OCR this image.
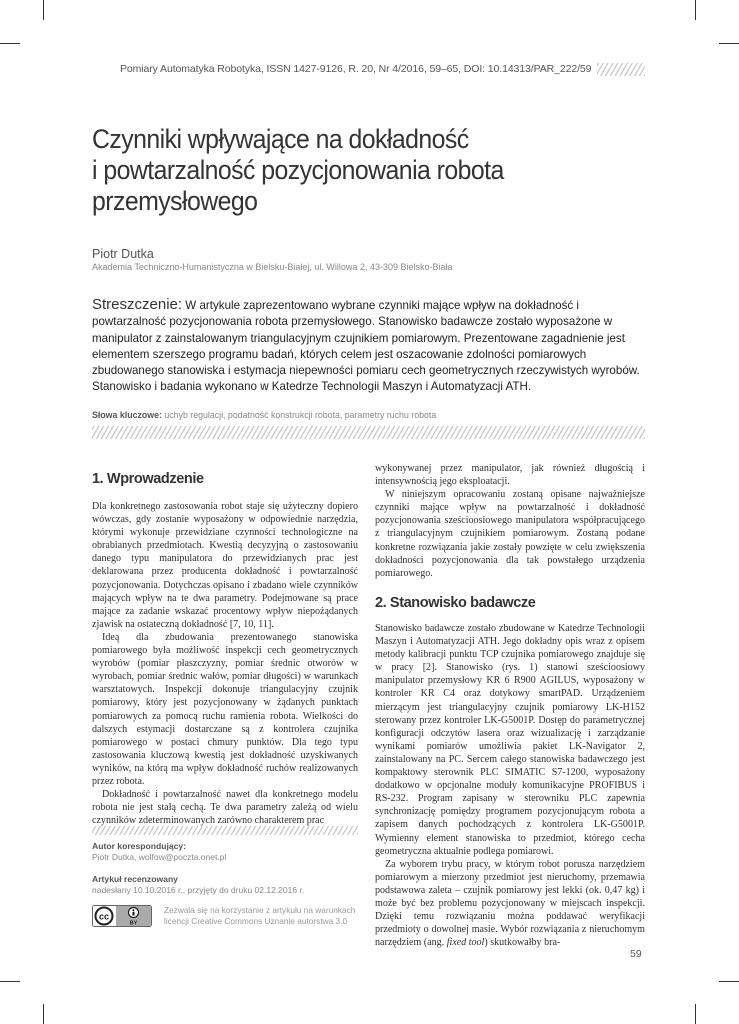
Pomiary Automatyka Robotyka, ISSN 1427-9126, R. 20, Nr 4/2016, 59–65, DOI: 10.14313/PAR_222/59
Czynniki wpływające na dokładność
i powtarzalność pozycjonowania robota
przemysłowego
Piotr Dutka
Akademia Techniczno-Humanistyczna w Bielsku-Białej, ul. Willowa 2, 43-309 Bielsko-Biała
Streszczenie: W artykule zaprezentowano wybrane czynniki mające wpływ na dokładność i powtarzalność pozycjonowania robota przemysłowego. Stanowisko badawcze zostało wyposażone w manipulator z zainstalowanym triangulacyjnym czujnikiem pomiarowym. Prezentowane zagadnienie jest elementem szerszego programu badań, których celem jest oszacowanie zdolności pomiarowych zbudowanego stanowiska i estymacja niepewności pomiaru cech geometrycznych rzeczywistych wyrobów. Stanowisko i badania wykonano w Katedrze Technologii Maszyn i Automatyzacji ATH.
Słowa kluczowe: uchyb regulacji, podatność konstrukcji robota, parametry ruchu robota
1. Wprowadzenie

Dla konkretnego zastosowania robot staje się użyteczny dopiero wówczas, gdy zostanie wyposażony w odpowiednie narzędzia, którymi wykonuje przewidziane czynności technologiczne na obrabianych przedmiotach. Kwestią decyzyjną o zastosowaniu danego typu manipulatora do przewidzianych prac jest deklarowana przez producenta dokładność i powtarzalność pozycjonowania. Dotychczas opisano i zbadano wiele czynników mających wpływ na te dwa parametry. Podejmowane są prace mające za zadanie wskazać procentowy wpływ niepożądanych zjawisk na ostateczną dokładność [7, 10, 11].

Ideą dla zbudowania prezentowanego stanowiska pomiarowego była możliwość inspekcji cech geometrycznych wyrobów (pomiar płaszczyzny, pomiar średnic otworów w wyrobach, pomiar średnic wałów, pomiar długości) w warunkach warsztatowych. Inspekcji dokonuje triangulacyjny czujnik pomiarowy, który jest pozycjonowany w żądanych punktach pomiarowych za pomocą ruchu ramienia robota. Wielkości do dalszych estymacji dostarczane są z kontrolera czujnika pomiarowego w postaci chmury punktów. Dla tego typu zastosowania kluczową kwestią jest dokładność uzyskiwanych wyników, na którą ma wpływ dokładność ruchów realizowanych przez robota.

Dokładność i powtarzalność nawet dla konkretnego modelu robota nie jest stałą cechą. Te dwa parametry zależą od wielu czynników zdeterminowanych zarówno charakterem prac

Autor korespondujący:
Piotr Dutka, wolfow@poczta.onet.pl
Artykuł recenzowany
nadesłany 10.10.2016 r., przyjęty do druku 02.12.2016 r.
cc
BY
Zezwala się na korzystanie z artykułu na warunkach licencji Creative Commons Uznanie autorstwa 3.0

wykonywanej przez manipulator, jak również długością i intensywnością jego eksploatacji.

W niniejszym opracowaniu zostaną opisane najważniejsze czynniki mające wpływ na powtarzalność i dokładność pozycjonowania sześcioosiowego manipulatora współpracującego z triangulacyjnym czujnikiem pomiarowym. Zostaną podane konkretne rozwiązania jakie zostały powzięte w celu zwiększenia dokładności pozycjonowania dla tak powstałego urządzenia pomiarowego.

2. Stanowisko badawcze

Stanowisko badawcze zostało zbudowane w Katedrze Technologii Maszyn i Automatyzacji ATH. Jego dokładny opis wraz z opisem metody kalibracji punktu TCP czujnika pomiarowego znajduje się w pracy [2]. Stanowisko (rys. 1) stanowi sześcioosiowy manipulator przemysłowy KR 6 R900 AGILUS, wyposażony w kontroler KR C4 oraz dotykowy smartPAD. Urządzeniem mierzącym jest triangulacyjny czujnik pomiarowy LK-H152 sterowany przez kontroler LK-G5001P. Dostęp do parametrycznej konfiguracji odczytów lasera oraz wizualizację i zarządzanie wynikami pomiarów umożliwia pakiet LK-Navigator 2, zainstalowany na PC. Sercem całego stanowiska badawczego jest kompaktowy sterownik PLC SIMATIC S7-1200, wyposażony dodatkowo w opcjonalne moduły komunikacyjne PROFIBUS i RS-232. Program zapisany w sterowniku PLC zapewnia synchronizację pomiędzy programem pozycjonującym robota a zapisem danych pochodzących z kontrolera LK-G5001P. Wymienny element stanowiska to przedmiot, którego cecha geometryczna aktualnie podlega pomiarowi.

Za wyborem trybu pracy, w którym robot porusza narzędziem pomiarowym a mierzony przedmiot jest nieruchomy, przemawia podstawowa zaleta – czujnik pomiarowy jest lekki (ok. 0,47 kg) i może być bez problemu pozycjonowany w miejscach inspekcji. Dzięki temu rozwiązaniu można poddawać weryfikacji przedmioty o dowolnej masie. Wybór rozwiązania z nieruchomym narzędziem (ang. fixed tool) skutkowałby bra-

59
